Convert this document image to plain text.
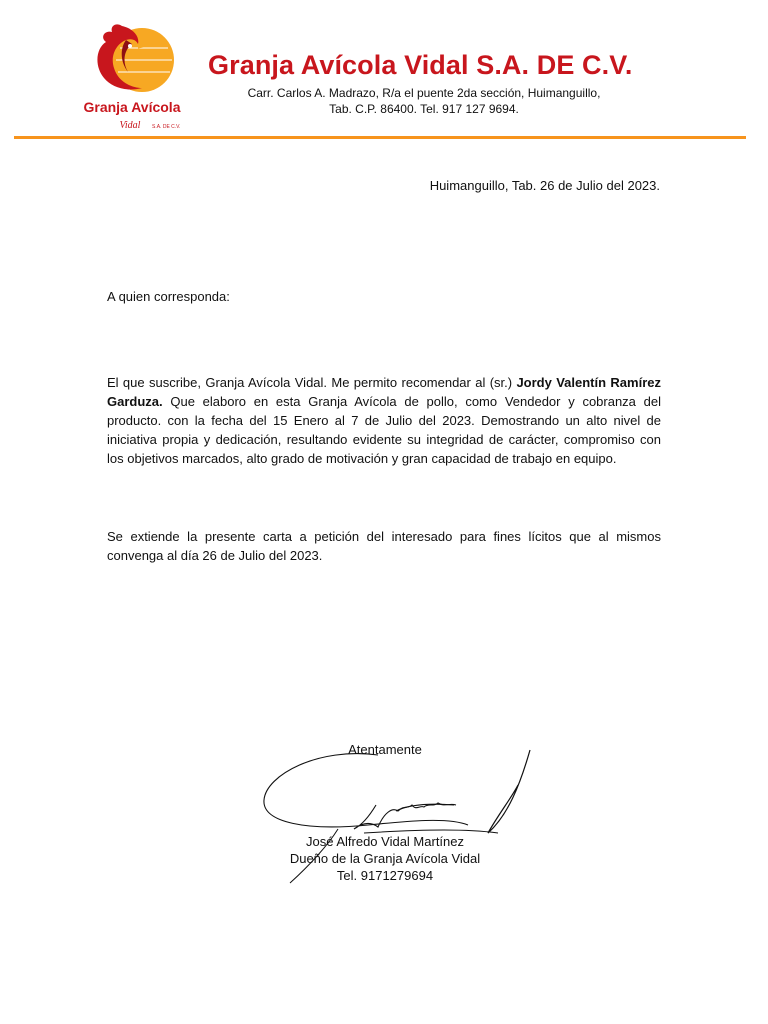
Granja Avícola
Vidal S.A. DE C.V.
Granja Avícola Vidal S.A. DE C.V.
Carr. Carlos A. Madrazo, R/a el puente 2da sección, Huimanguillo,
Tab. C.P. 86400. Tel. 917 127 9694.
Huimanguillo, Tab. 26 de Julio del 2023.
A quien corresponda:
El que suscribe, Granja Avícola Vidal. Me permito recomendar al (sr.) Jordy Valentín Ramírez Garduza. Que elaboro en esta Granja Avícola de pollo, como Vendedor y cobranza del producto. con la fecha del 15 Enero al 7 de Julio del 2023. Demostrando un alto nivel de iniciativa propia y dedicación, resultando evidente su integridad de carácter, compromiso con los objetivos marcados, alto grado de motivación y gran capacidad de trabajo en equipo.
Se extiende la presente carta a petición del interesado para fines lícitos que al mismos convenga al día 26 de Julio del 2023.
Atentamente
José Alfredo Vidal Martínez
Dueño de la Granja Avícola Vidal
Tel. 9171279694
